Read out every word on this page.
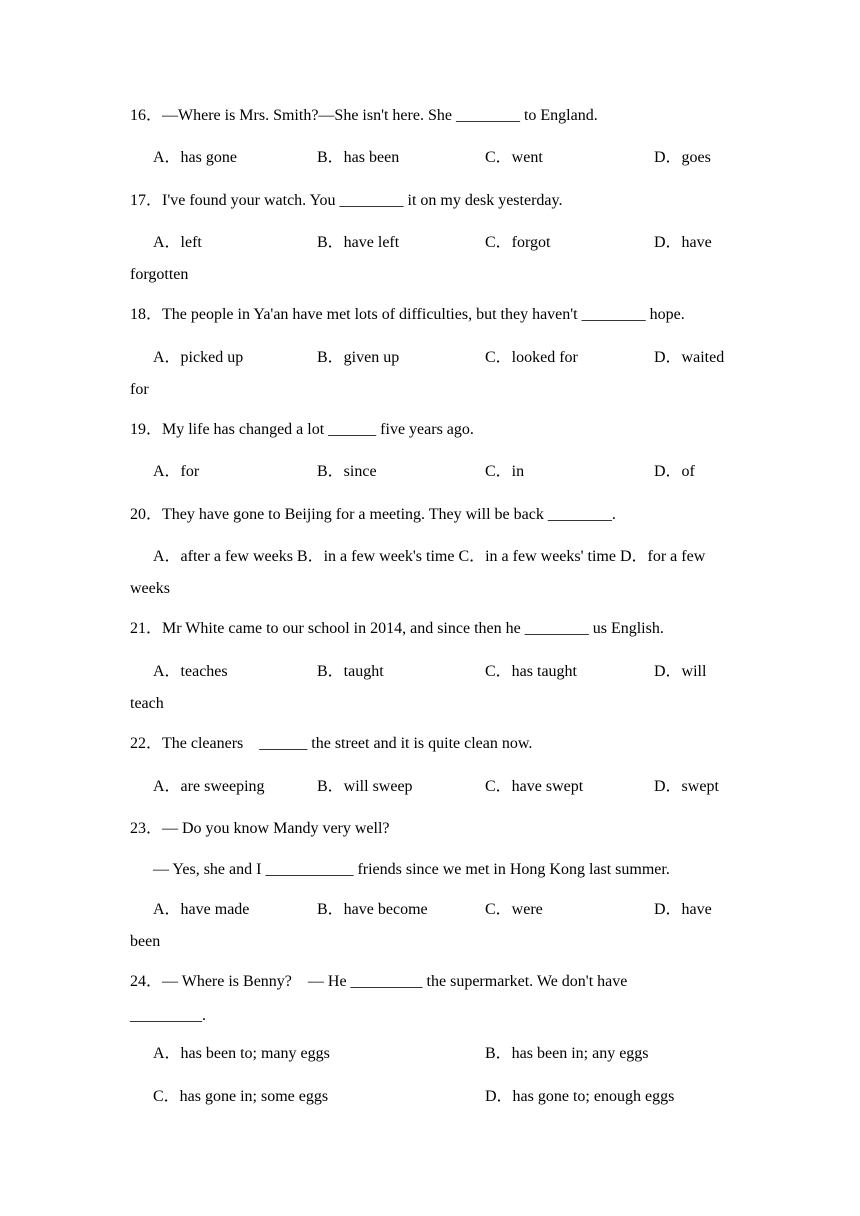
16．—Where is Mrs. Smith?—She isn't here. She ________ to England.
A．has gone	B．has been	C．went	D．goes
17．I've found your watch. You ________ it on my desk yesterday.
A．left	B．have left	C．forgot	D．have
forgotten
18．The people in Ya'an have met lots of difficulties, but they haven't ________ hope.
A．picked up	B．given up	C．looked for	D．waited
for
19．My life has changed a lot ______ five years ago.
A．for	B．since	C．in	D．of
20．They have gone to Beijing for a meeting. They will be back ________.
A．after a few weeks B．in a few week's time C．in a few weeks' time D．for a few
weeks
21．Mr White came to our school in 2014, and since then he ________ us English.
A．teaches	B．taught	C．has taught	D．will
teach
22．The cleaners    ______ the street and it is quite clean now.
A．are sweeping	B．will sweep	C．have swept	D．swept
23．— Do you know Mandy very well?
— Yes, she and I ___________ friends since we met in Hong Kong last summer.
A．have made	B．have become	C．were	D．have
been
24．— Where is Benny?    — He _________ the supermarket. We don't have
_________.
A．has been to; many eggs	B．has been in; any eggs
C．has gone in; some eggs	D．has gone to; enough eggs
